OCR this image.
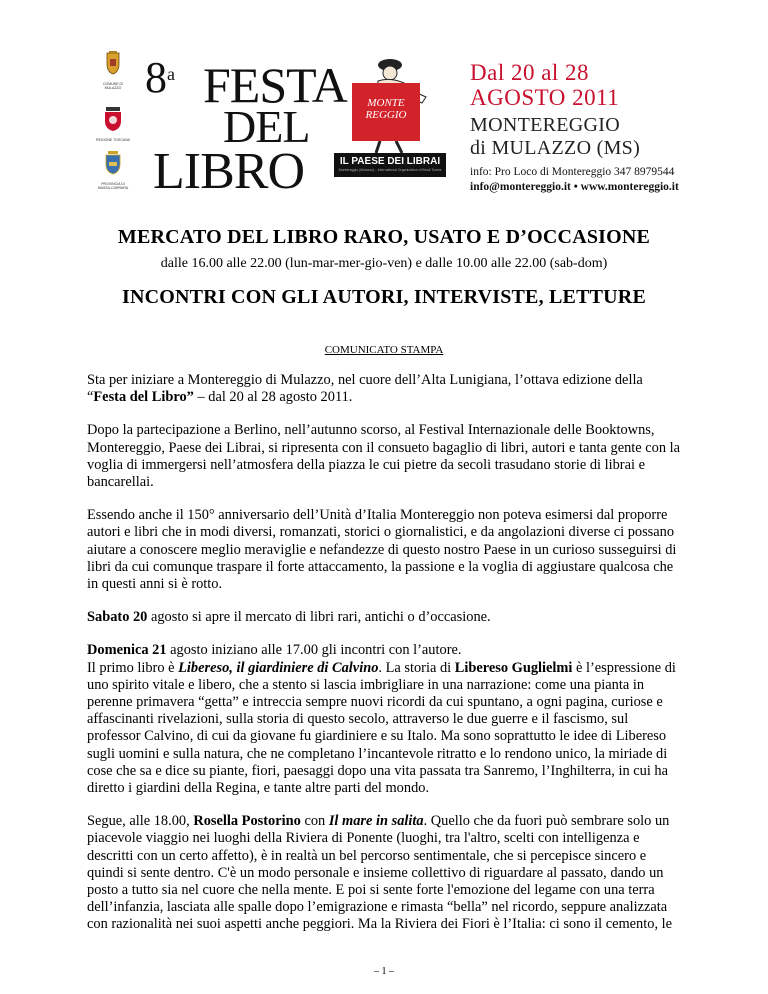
COMUNE DI MULAZZO
REGIONE TOSCANA
PROVINCIA DI MASSA-CARRARA
8$^a$ FESTA
DEL
LIBRO
MONTE
REGGIO
IL PAESE DEI LIBRAI
Montereggio (Mulazzo) - International Organization of Book Towns
Dal 20 al 28
AGOSTO 2011
MONTEREGGIO
di MULAZZO (MS)
info: Pro Loco di Montereggio 347 8979544
info@montereggio.it • www.montereggio.it
MERCATO DEL LIBRO RARO, USATO E D’OCCASIONE
dalle 16.00 alle 22.00 (lun-mar-mer-gio-ven) e dalle 10.00 alle 22.00 (sab-dom)
INCONTRI CON GLI AUTORI, INTERVISTE, LETTURE
COMUNICATO STAMPA

Sta per iniziare a Montereggio di Mulazzo, nel cuore dell’Alta Lunigiana, l’ottava edizione della “Festa del Libro” – dal 20 al 28 agosto 2011.

Dopo la partecipazione a Berlino, nell’autunno scorso, al Festival Internazionale delle Booktowns, Montereggio, Paese dei Librai, si ripresenta con il consueto bagaglio di libri, autori e tanta gente con la voglia di immergersi nell’atmosfera della piazza le cui pietre da secoli trasudano storie di librai e bancarellai.

Essendo anche il 150° anniversario dell’Unità d’Italia Montereggio non poteva esimersi dal proporre autori e libri che in modi diversi, romanzati, storici o giornalistici, e da angolazioni diverse ci possano aiutare a conoscere meglio meraviglie e nefandezze di questo nostro Paese in un curioso susseguirsi di libri da cui comunque traspare il forte attaccamento, la passione e la voglia di aggiustare qualcosa che in questi anni si è rotto.

Sabato 20 agosto si apre il mercato di libri rari, antichi o d’occasione.

Domenica 21 agosto iniziano alle 17.00 gli incontri con l’autore.

Il primo libro è Libereso, il giardiniere di Calvino. La storia di Libereso Guglielmi è l’espressione di uno spirito vitale e libero, che a stento si lascia imbrigliare in una narrazione: come una pianta in perenne primavera “getta” e intreccia sempre nuovi ricordi da cui spuntano, a ogni pagina, curiose e affascinanti rivelazioni, sulla storia di questo secolo, attraverso le due guerre e il fascismo, sul professor Calvino, di cui da giovane fu giardiniere e su Italo. Ma sono soprattutto le idee di Libereso sugli uomini e sulla natura, che ne completano l’incantevole ritratto e lo rendono unico, la miriade di cose che sa e dice su piante, fiori, paesaggi dopo una vita passata tra Sanremo, l’Inghilterra, in cui ha diretto i giardini della Regina, e tante altre parti del mondo.

Segue, alle 18.00, Rosella Postorino con Il mare in salita. Quello che da fuori può sembrare solo un piacevole viaggio nei luoghi della Riviera di Ponente (luoghi, tra l'altro, scelti con intelligenza e descritti con un certo affetto), è in realtà un bel percorso sentimentale, che si percepisce sincero e quindi si sente dentro. C'è un modo personale e insieme collettivo di riguardare al passato, dando un posto a tutto sia nel cuore che nella mente. E poi si sente forte l'emozione del legame con una terra dell’infanzia, lasciata alle spalle dopo l’emigrazione e rimasta “bella” nel ricordo, seppure analizzata con razionalità nei suoi aspetti anche peggiori. Ma la Riviera dei Fiori è l’Italia: ci sono il cemento, le

– 1 –
